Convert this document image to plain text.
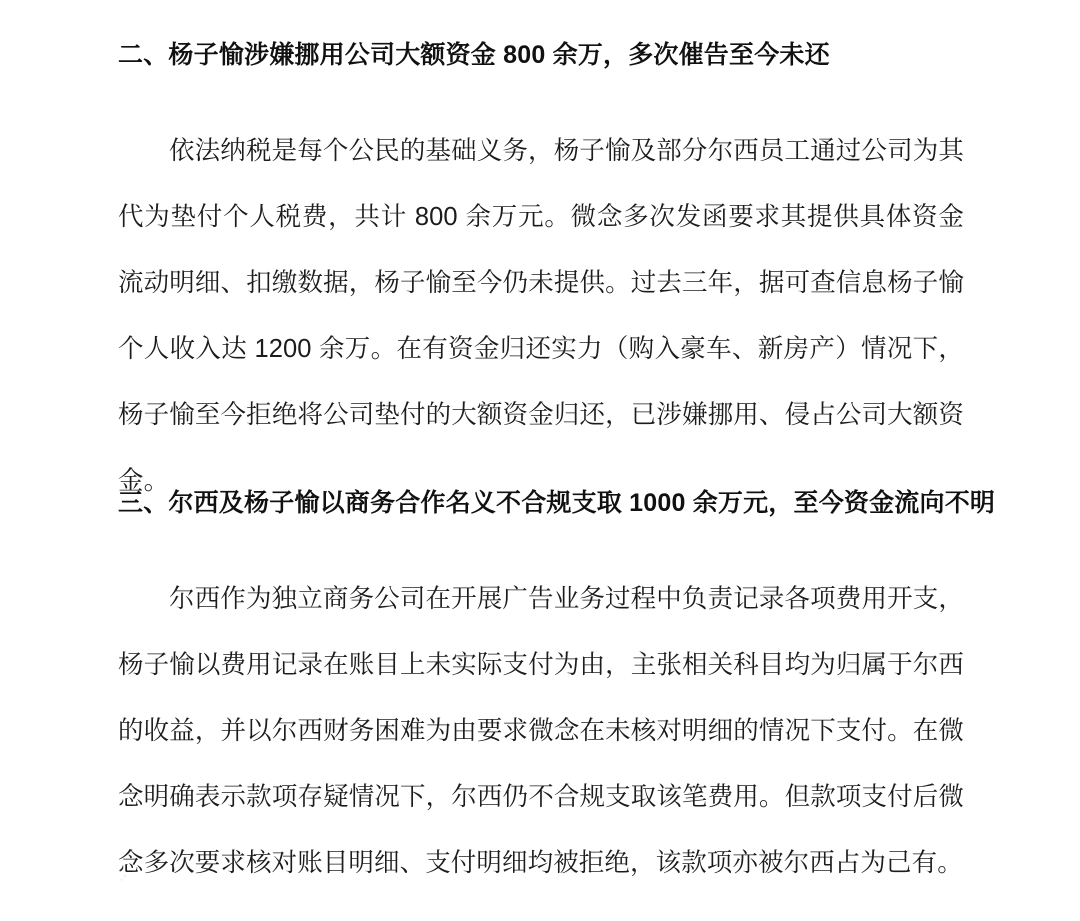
二、杨子愉涉嫌挪用公司大额资金 800 余万，多次催告至今未还

依法纳税是每个公民的基础义务，杨子愉及部分尔西员工通过公司为其代为垫付个人税费，共计 800 余万元。微念多次发函要求其提供具体资金流动明细、扣缴数据，杨子愉至今仍未提供。过去三年，据可查信息杨子愉个人收入达 1200 余万。在有资金归还实力（购入豪车、新房产）情况下，杨子愉至今拒绝将公司垫付的大额资金归还，已涉嫌挪用、侵占公司大额资金。

三、尔西及杨子愉以商务合作名义不合规支取 1000 余万元，至今资金流向不明

尔西作为独立商务公司在开展广告业务过程中负责记录各项费用开支，杨子愉以费用记录在账目上未实际支付为由，主张相关科目均为归属于尔西的收益，并以尔西财务困难为由要求微念在未核对明细的情况下支付。在微念明确表示款项存疑情况下，尔西仍不合规支取该笔费用。但款项支付后微念多次要求核对账目明细、支付明细均被拒绝，该款项亦被尔西占为己有。
